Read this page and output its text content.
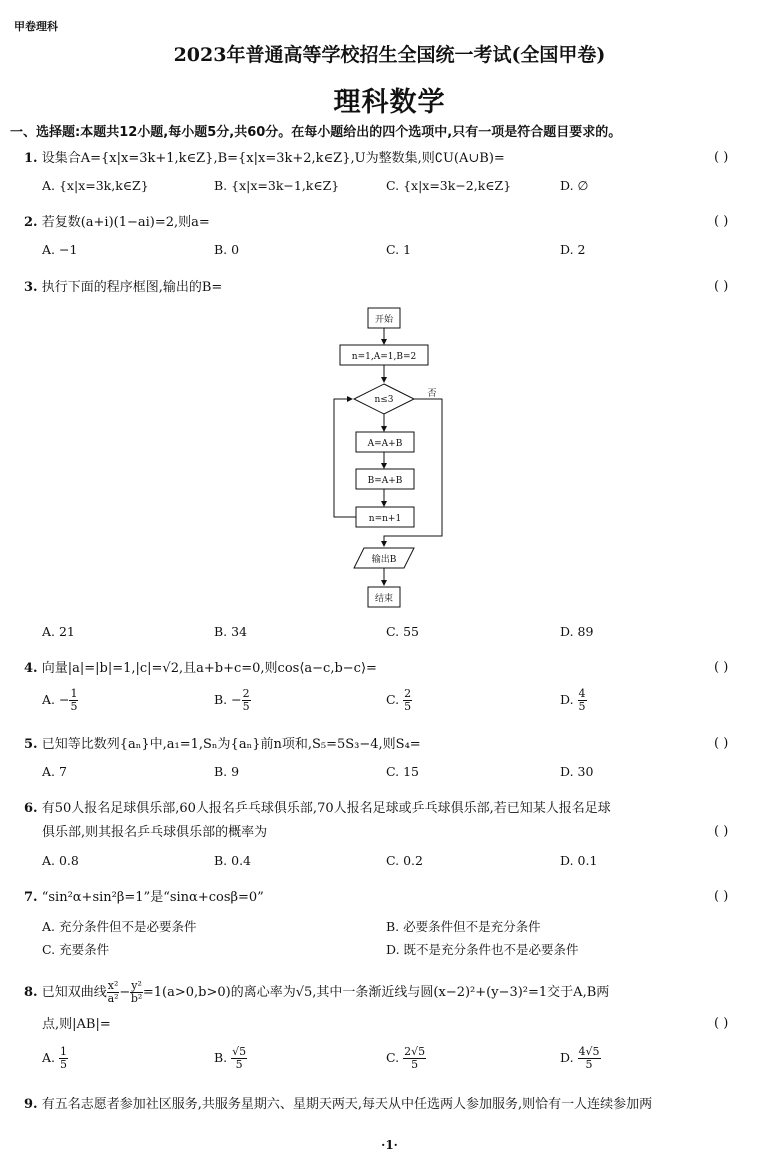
甲卷理科
2023年普通高等学校招生全国统一考试(全国甲卷)
理科数学
一、选择题:本题共12小题,每小题5分,共60分。在每小题给出的四个选项中,只有一项是符合题目要求的。
1. 设集合A={x|x=3k+1,k∈Z},B={x|x=3k+2,k∈Z},U为整数集,则∁U(A∪B)=	( )
A. {x|x=3k,k∈Z}	B. {x|x=3k−1,k∈Z}	C. {x|x=3k−2,k∈Z}	D. ∅
2. 若复数(a+i)(1−ai)=2,则a=	( )
A. −1	B. 0	C. 1	D. 2
3. 执行下面的程序框图,输出的B=	( )
开始
n=1,A=1,B=2
n≤3
否
A=A+B
B=A+B
n=n+1
输出B
结束
A. 21	B. 34	C. 55	D. 89
4. 向量|a|=|b|=1,|c|=√2,且a+b+c=0,则cos⟨a−c,b−c⟩=	( )
A. − $\frac{1}{5}$	B. − $\frac{2}{5}$	C. $\frac{2}{5}$	D. $\frac{4}{5}$
5. 已知等比数列{aₙ}中,a₁=1,Sₙ为{aₙ}前n项和,S₅=5S₃−4,则S₄=	( )
A. 7	B. 9	C. 15	D. 30
6. 有50人报名足球俱乐部,60人报名乒乓球俱乐部,70人报名足球或乒乓球俱乐部,若已知某人报名足球
俱乐部,则其报名乒乓球俱乐部的概率为	( )
A. 0.8	B. 0.4	C. 0.2	D. 0.1
7. “sin²α+sin²β=1”是“sinα+cosβ=0”	( )
A. 充分条件但不是必要条件	B. 必要条件但不是充分条件
C. 充要条件	D. 既不是充分条件也不是必要条件
8. 已知双曲线 $\frac{\text{x²}}{\text{a²}} - \frac{\text{y²}}{\text{b²}} =1(a>0,b>0)$的离心率为√5,其中一条渐近线与圆(x−2)²+(y−3)²=1交于A,B两
点,则|AB|=	( )
A. $\frac{1}{5}$	B. $\frac{√5}{5}$	C. $\frac{2√5}{5}$	D. $\frac{4√5}{5}$
9. 有五名志愿者参加社区服务,共服务星期六、星期天两天,每天从中任选两人参加服务,则恰有一人连续参加两
·1·
